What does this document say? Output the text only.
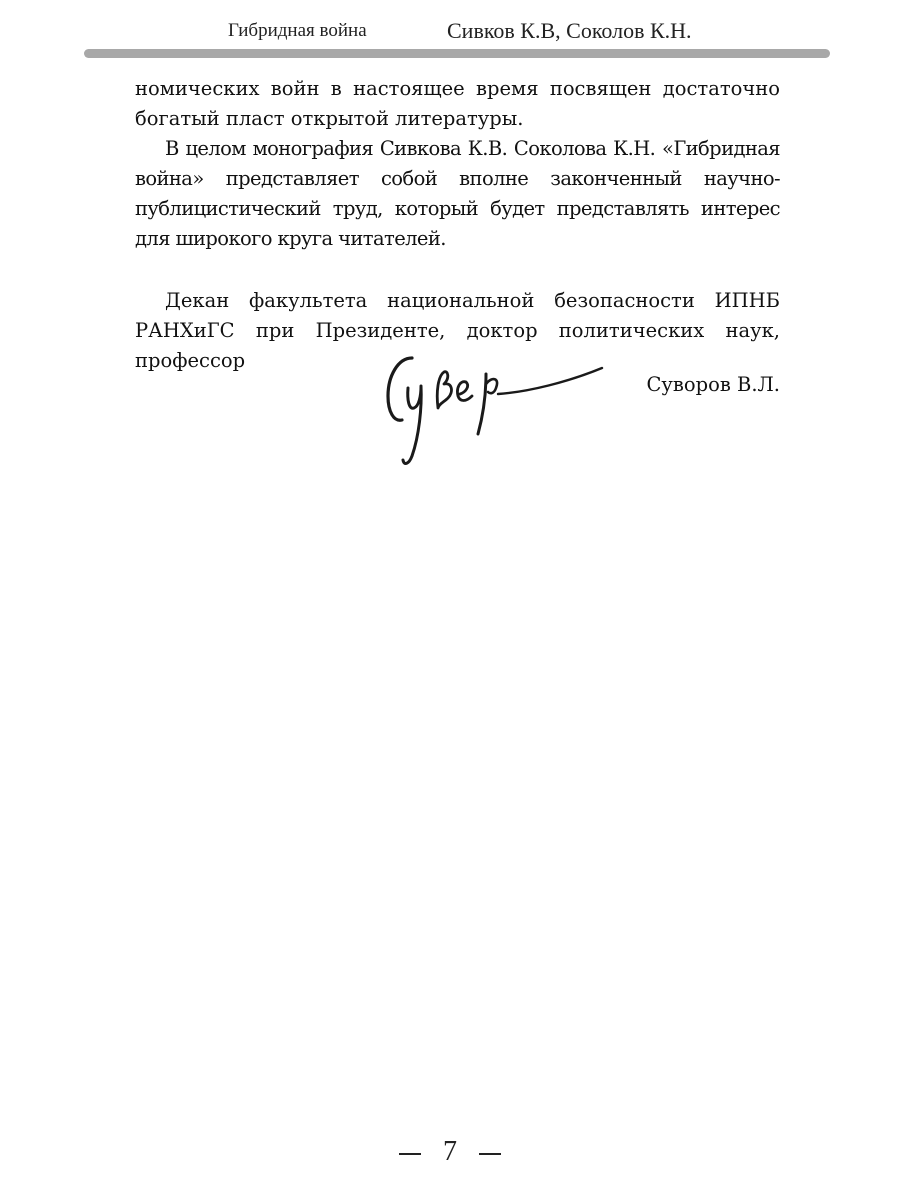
Гибридная война	Сивков К.В, Соколов К.Н.

номических войн в настоящее время посвящен достаточно богатый пласт открытой литературы.

В целом монография Сивкова К.В. Соколова К.Н. «Гибридная война» представляет собой вполне законченный научно-публицистический труд, который будет представлять интерес для широкого круга читателей.

Декан факультета национальной безопасности ИПНБ РАНХиГС при Президенте, доктор политических наук, профессор

Суворов В.Л.
7
